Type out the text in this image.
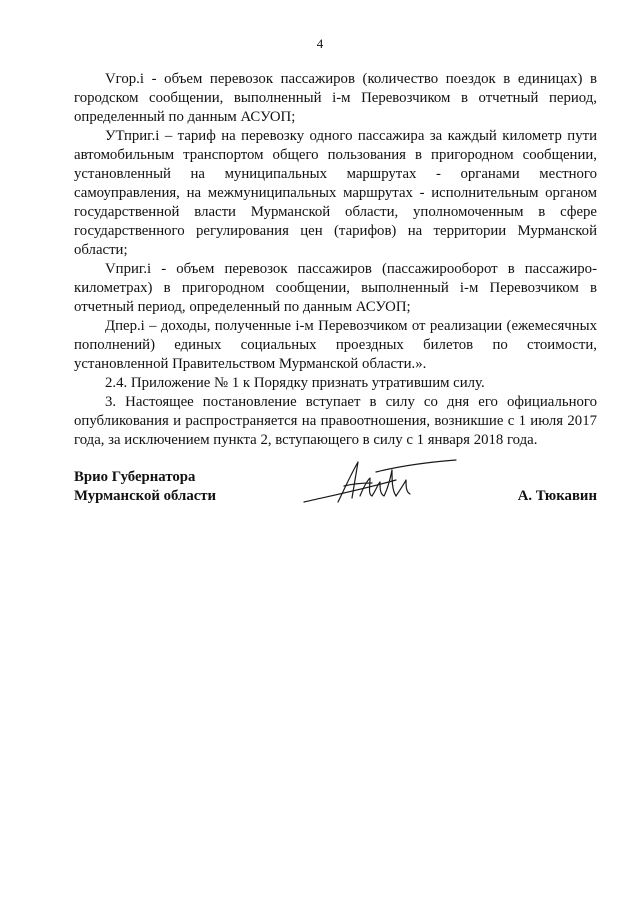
4

Vгор.i - объем перевозок пассажиров (количество поездок в единицах) в городском сообщении, выполненный i-м Перевозчиком в отчетный период, определенный по данным АСУОП;

УТприг.i – тариф на перевозку одного пассажира за каждый километр пути автомобильным транспортом общего пользования в пригородном сообщении, установленный на муниципальных маршрутах - органами местного самоуправления, на межмуниципальных маршрутах - исполнительным органом государственной власти Мурманской области, уполномоченным в сфере государственного регулирования цен (тарифов) на территории Мурманской области;

Vприг.i - объем перевозок пассажиров (пассажирооборот в пассажиро-километрах) в пригородном сообщении, выполненный i-м Перевозчиком в отчетный период, определенный по данным АСУОП;

Дпер.i – доходы, полученные i-м Перевозчиком от реализации (ежемесячных пополнений) единых социальных проездных билетов по стоимости, установленной Правительством Мурманской области.».

2.4. Приложение № 1 к Порядку признать утратившим силу.

3. Настоящее постановление вступает в силу со дня его официального опубликования и распространяется на правоотношения, возникшие с 1 июля 2017 года, за исключением пункта 2, вступающего в силу с 1 января 2018 года.

Врио Губернатора
Мурманской области	А. Тюкавин
